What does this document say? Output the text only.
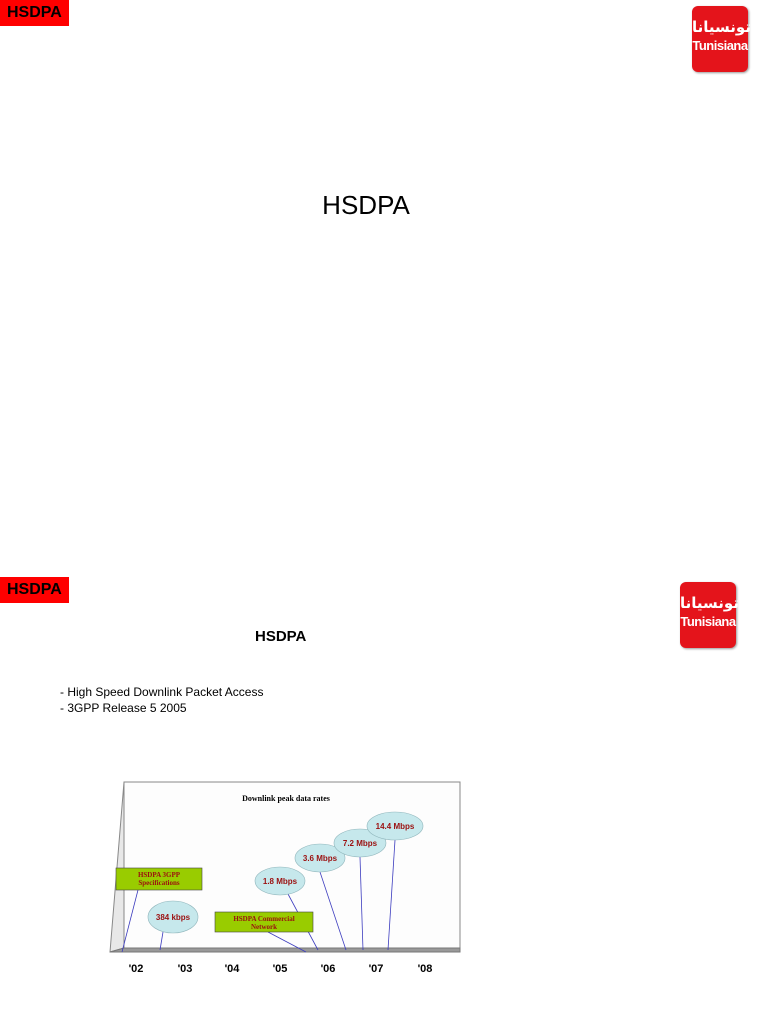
HSDPA
تونسيانا
Tunisiana
HSDPA
HSDPA
تونسيانا
Tunisiana
HSDPA
- High Speed Downlink Packet Access
- 3GPP Release 5 2005
Downlink peak data rates
384 kbps
1.8 Mbps
3.6 Mbps
7.2 Mbps
14.4 Mbps
HSDPA 3GPP
Specifications
HSDPA Commercial
Network
'02	'03	'04	'05	'06	'07	'08
